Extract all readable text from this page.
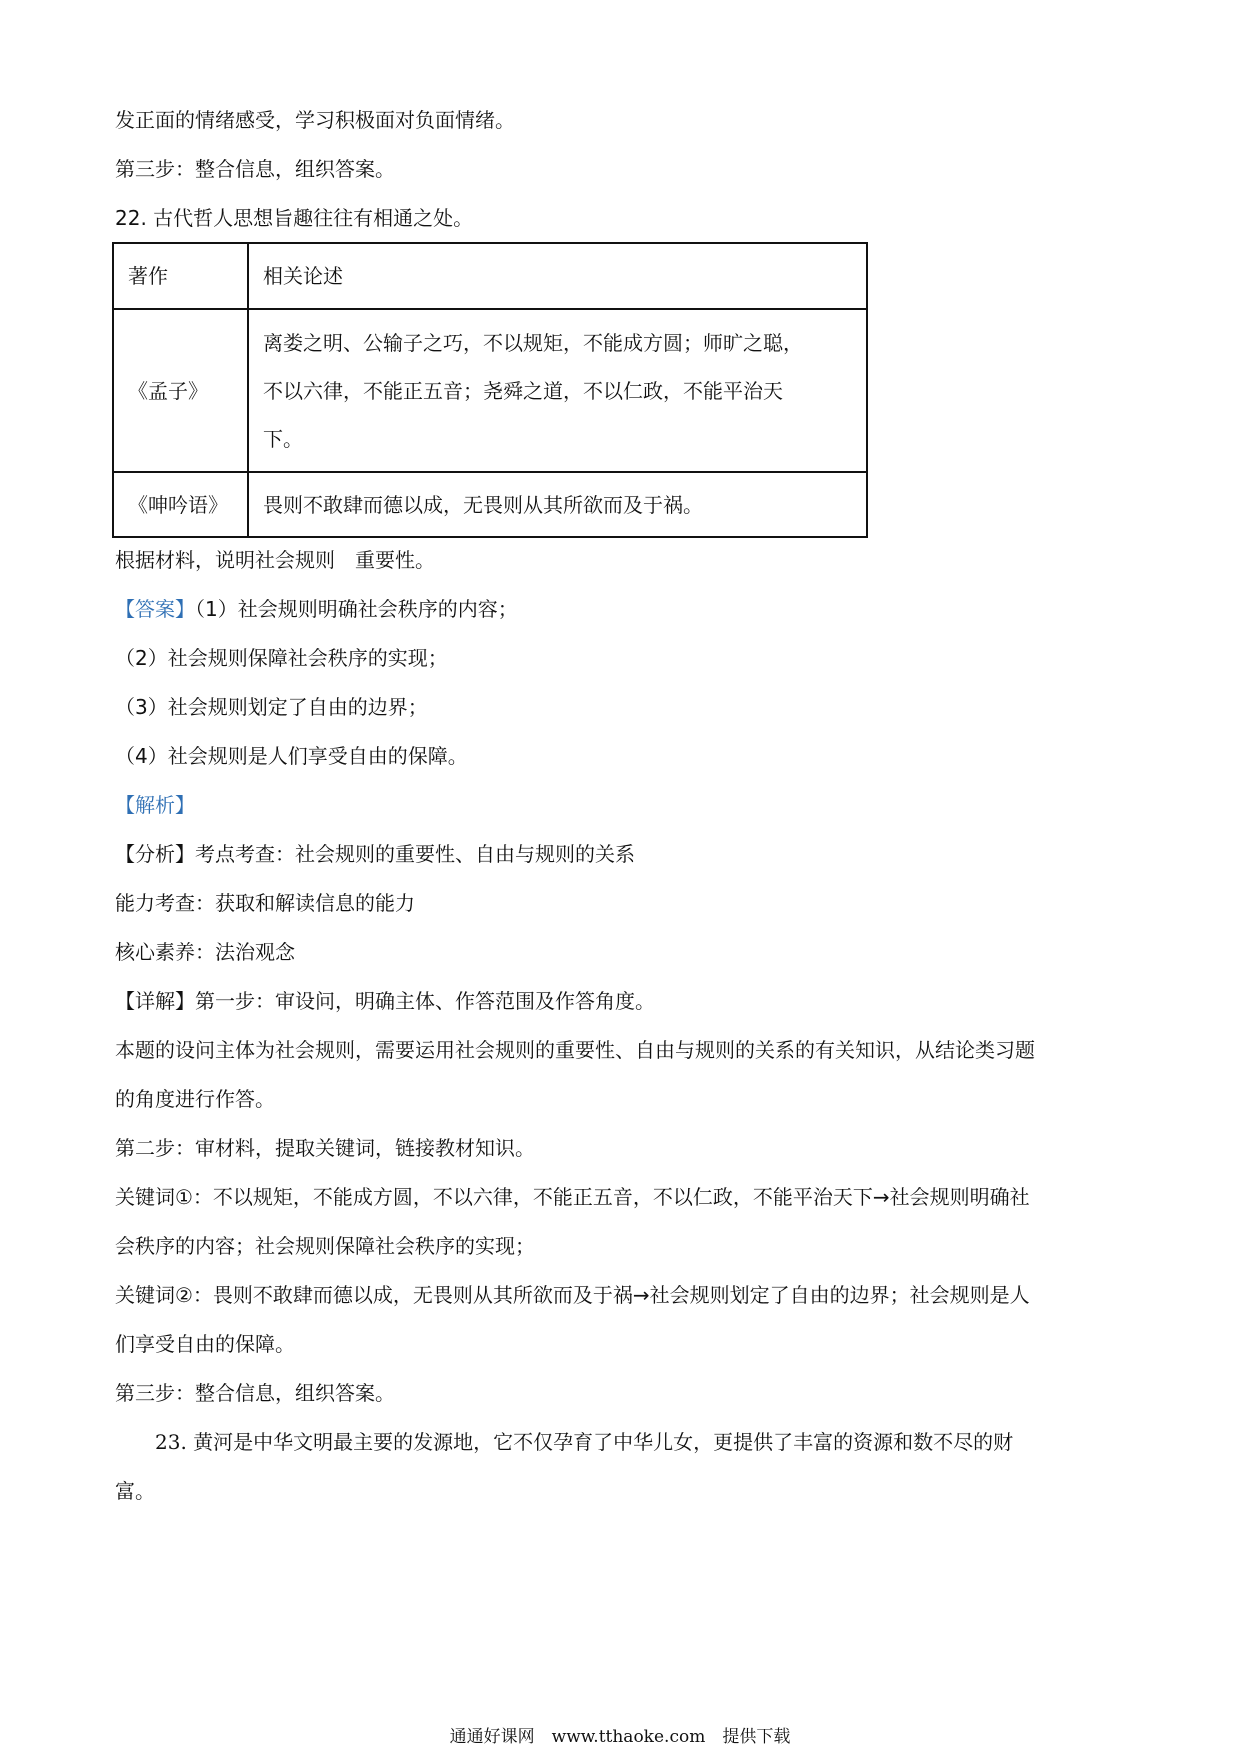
发正面的情绪感受，学习积极面对负面情绪。
第三步：整合信息，组织答案。
22. 古代哲人思想旨趣往往有相通之处。
著作	相关论述
《孟子》	离娄之明、公输子之巧，不以规矩，不能成方圆；师旷之聪，
不以六律，不能正五音；尧舜之道，不以仁政，不能平治天
下。

《呻吟语》	畏则不敢肆而德以成，无畏则从其所欲而及于祸。
根据材料，说明社会规则　重要性。
【答案】（1）社会规则明确社会秩序的内容；
（2）社会规则保障社会秩序的实现；
（3）社会规则划定了自由的边界；
（4）社会规则是人们享受自由的保障。
【解析】
【分析】考点考查：社会规则的重要性、自由与规则的关系
能力考查：获取和解读信息的能力
核心素养：法治观念
【详解】第一步：审设问，明确主体、作答范围及作答角度。
本题的设问主体为社会规则，需要运用社会规则的重要性、自由与规则的关系的有关知识，从结论类习题
的角度进行作答。
第二步：审材料，提取关键词，链接教材知识。
关键词①：不以规矩，不能成方圆，不以六律，不能正五音，不以仁政，不能平治天下→社会规则明确社
会秩序的内容；社会规则保障社会秩序的实现；
关键词②：畏则不敢肆而德以成，无畏则从其所欲而及于祸→社会规则划定了自由的边界；社会规则是人
们享受自由的保障。
第三步：整合信息，组织答案。
23. 黄河是中华文明最主要的发源地，它不仅孕育了中华儿女，更提供了丰富的资源和数不尽的财
富。
通通好课网　www.tthaoke.com　提供下载
